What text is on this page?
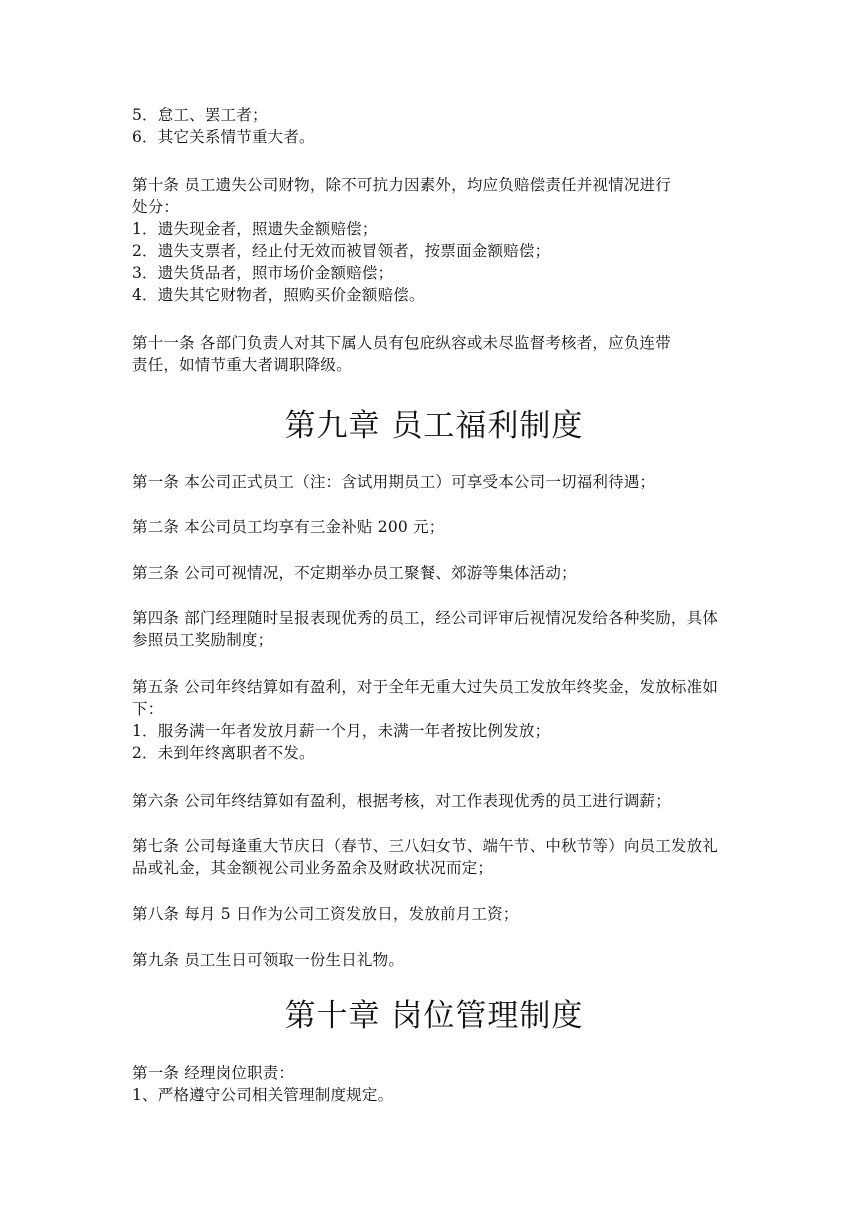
5．怠工、罢工者；
6．其它关系情节重大者。
第十条 员工遗失公司财物，除不可抗力因素外，均应负赔偿责任并视情况进行
处分：
1．遗失现金者，照遗失金额赔偿；
2．遗失支票者，经止付无效而被冒领者，按票面金额赔偿；
3．遗失货品者，照市场价金额赔偿；
4．遗失其它财物者，照购买价金额赔偿。
第十一条 各部门负责人对其下属人员有包庇纵容或未尽监督考核者，应负连带
责任，如情节重大者调职降级。
第九章 员工福利制度
第一条 本公司正式员工（注：含试用期员工）可享受本公司一切福利待遇；
第二条 本公司员工均享有三金补贴 200 元；
第三条 公司可视情况，不定期举办员工聚餐、郊游等集体活动；
第四条 部门经理随时呈报表现优秀的员工，经公司评审后视情况发给各种奖励，具体
参照员工奖励制度；
第五条 公司年终结算如有盈利，对于全年无重大过失员工发放年终奖金，发放标准如
下：
1．服务满一年者发放月薪一个月，未满一年者按比例发放；
2．未到年终离职者不发。
第六条 公司年终结算如有盈利，根据考核，对工作表现优秀的员工进行调薪；
第七条 公司每逢重大节庆日（春节、三八妇女节、端午节、中秋节等）向员工发放礼
品或礼金，其金额视公司业务盈余及财政状况而定；
第八条 每月 5 日作为公司工资发放日，发放前月工资；
第九条 员工生日可领取一份生日礼物。
第十章 岗位管理制度
第一条 经理岗位职责：
1、严格遵守公司相关管理制度规定。
